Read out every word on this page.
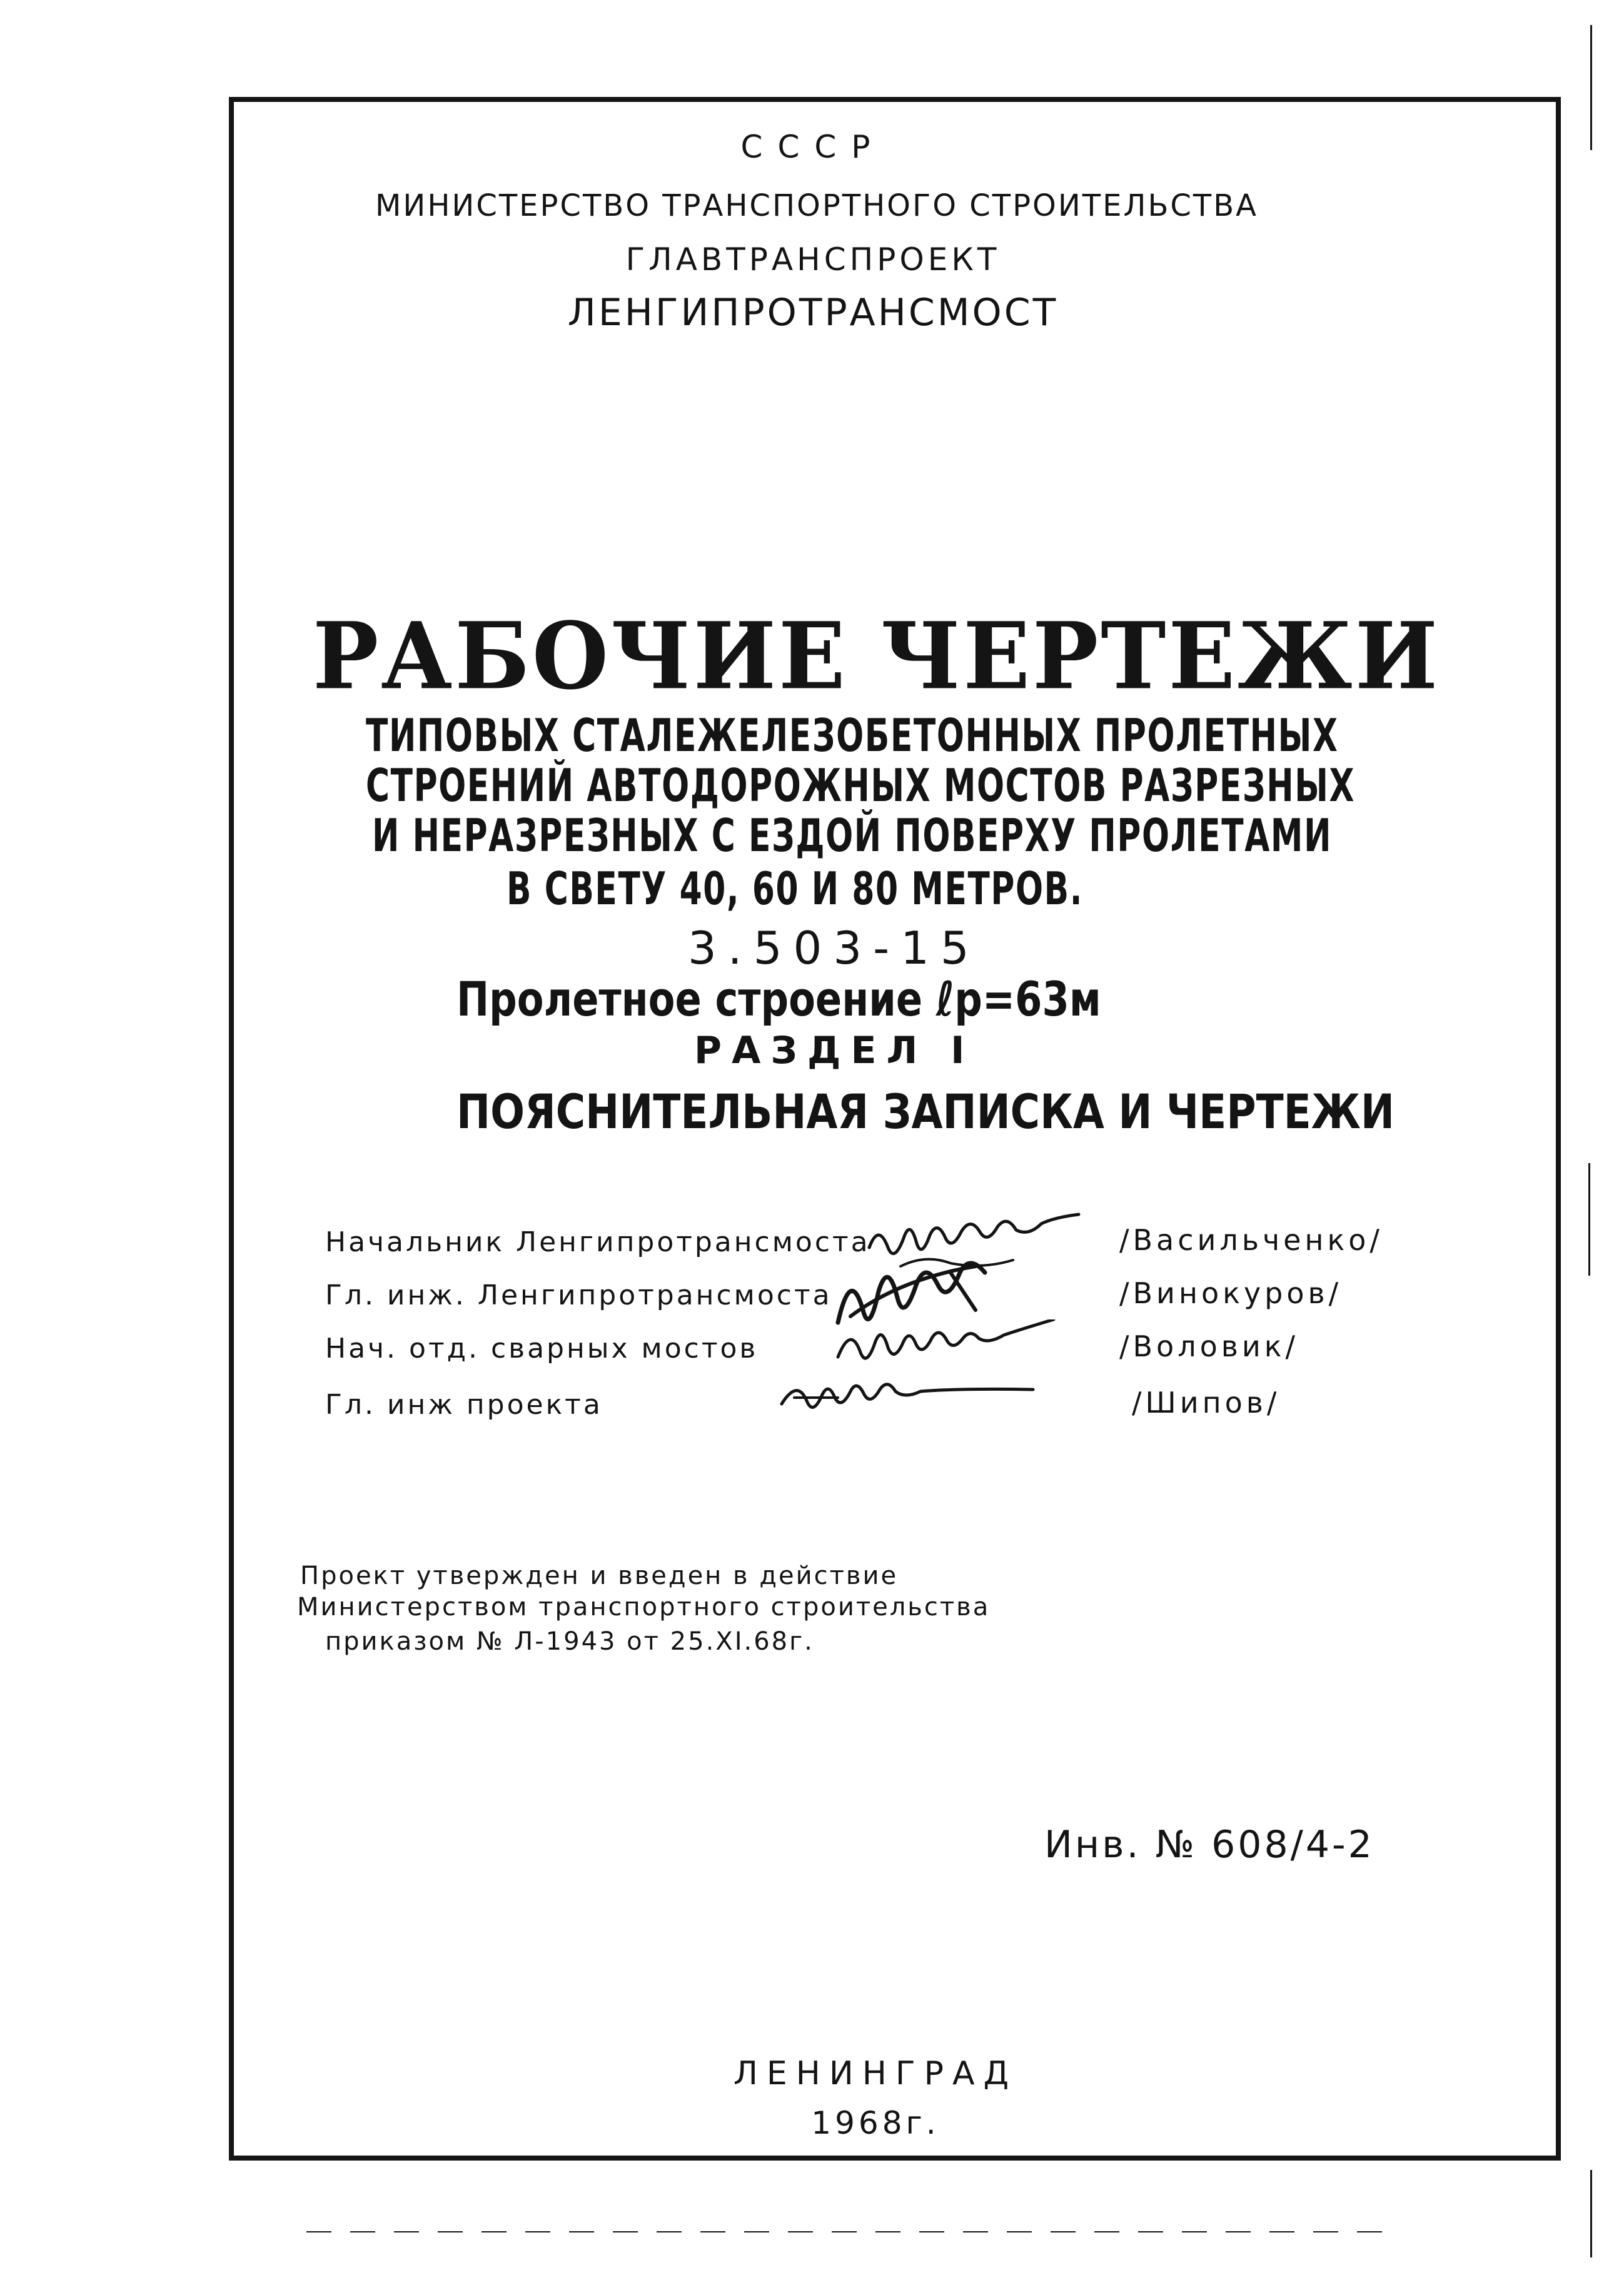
СССР
МИНИСТЕРСТВО ТРАНСПОРТНОГО СТРОИТЕЛЬСТВА
ГЛАВТРАНСПРОЕКТ
ЛЕНГИПРОТРАНСМОСТ
РАБОЧИЕ ЧЕРТЕЖИ
ТИПОВЫХ СТАЛЕЖЕЛЕЗОБЕТОННЫХ ПРОЛЕТНЫХ
СТРОЕНИЙ АВТОДОРОЖНЫХ МОСТОВ РАЗРЕЗНЫХ
И НЕРАЗРЕЗНЫХ С ЕЗДОЙ ПОВЕРХУ ПРОЛЕТАМИ
В СВЕТУ 40, 60 И 80 МЕТРОВ.
3.503-15
Пролетное строение ℓp=63м
РАЗДЕЛ I
ПОЯСНИТЕЛЬНАЯ ЗАПИСКА И ЧЕРТЕЖИ
Начальник Ленгипротрансмоста
Гл. инж. Ленгипротрансмоста
Нач. отд. сварных мостов
Гл. инж проекта
/Васильченко/
/Винокуров/
/Воловик/
/Шипов/
Проект утвержден и введен в действие
Министерством транспортного строительства
приказом № Л-1943 от 25.XI.68г.
Инв. № 608/4-2
ЛЕНИНГРАД
1968г.
